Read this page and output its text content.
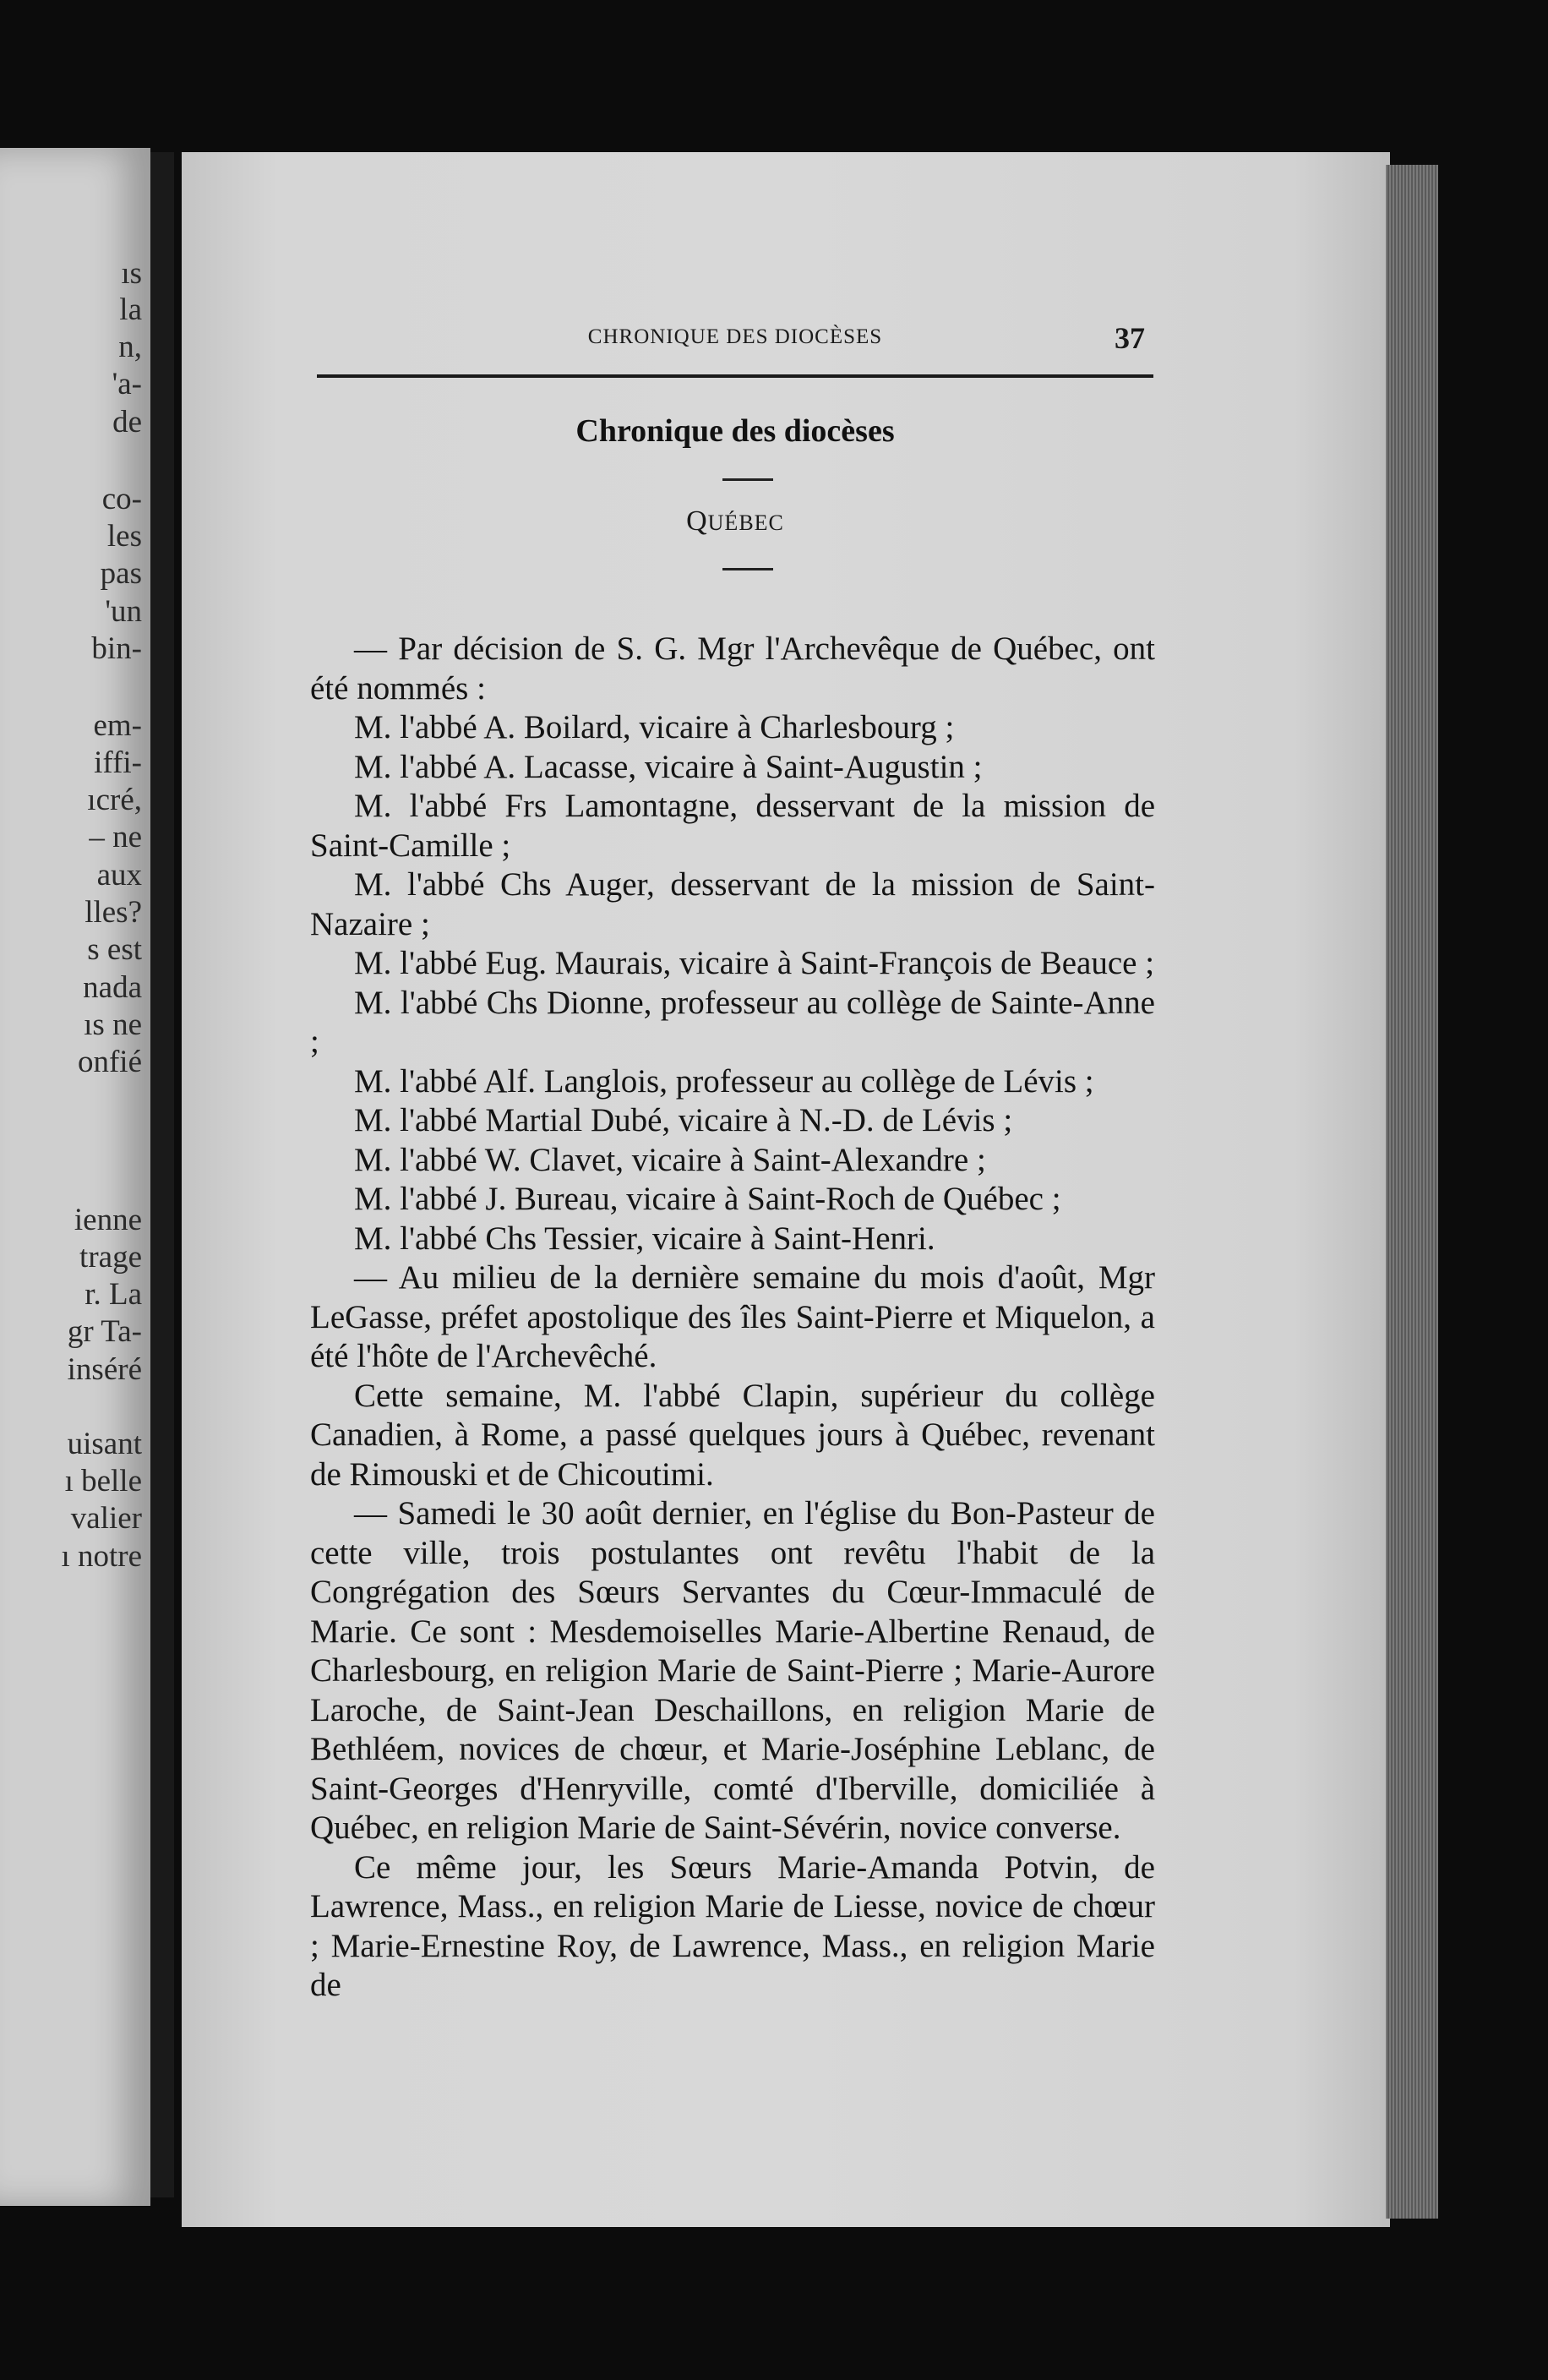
ıs

la

n,

'a-

de

co-

les

pas

'un

bin-

em-

iffi-

ıcré,

– ne

aux

lles?

s est

nada

ıs ne

onfié

ienne

trage

r. La

gr Ta-

inséré

uisant

ı belle

valier

ı notre

CHRONIQUE DES DIOCÈSES	37
Chronique des diocèses
QUÉBEC

— Par décision de S. G. Mgr l'Archevêque de Québec, ont été nommés :

M. l'abbé A. Boilard, vicaire à Charlesbourg ;

M. l'abbé A. Lacasse, vicaire à Saint-Augustin ;

M. l'abbé Frs Lamontagne, desservant de la mission de Saint-Camille ;

M. l'abbé Chs Auger, desservant de la mission de Saint-Nazaire ;

M. l'abbé Eug. Maurais, vicaire à Saint-François de Beauce ;

M. l'abbé Chs Dionne, professeur au collège de Sainte-Anne ;

M. l'abbé Alf. Langlois, professeur au collège de Lévis ;

M. l'abbé Martial Dubé, vicaire à N.-D. de Lévis ;

M. l'abbé W. Clavet, vicaire à Saint-Alexandre ;

M. l'abbé J. Bureau, vicaire à Saint-Roch de Québec ;

M. l'abbé Chs Tessier, vicaire à Saint-Henri.

— Au milieu de la dernière semaine du mois d'août, Mgr LeGasse, préfet apostolique des îles Saint-Pierre et Miquelon, a été l'hôte de l'Archevêché.

Cette semaine, M. l'abbé Clapin, supérieur du collège Canadien, à Rome, a passé quelques jours à Québec, revenant de Rimouski et de Chicoutimi.

— Samedi le 30 août dernier, en l'église du Bon-Pasteur de cette ville, trois postulantes ont revêtu l'habit de la Congrégation des Sœurs Servantes du Cœur-Immaculé de Marie. Ce sont : Mesdemoiselles Marie-Albertine Renaud, de Charlesbourg, en religion Marie de Saint-Pierre ; Marie-Aurore Laroche, de Saint-Jean Deschaillons, en religion Marie de Bethléem, novices de chœur, et Marie-Joséphine Leblanc, de Saint-Georges d'Henryville, comté d'Iberville, domiciliée à Québec, en religion Marie de Saint-Sévérin, novice converse.

Ce même jour, les Sœurs Marie-Amanda Potvin, de Lawrence, Mass., en religion Marie de Liesse, novice de chœur ; Marie-Ernestine Roy, de Lawrence, Mass., en religion Marie de
